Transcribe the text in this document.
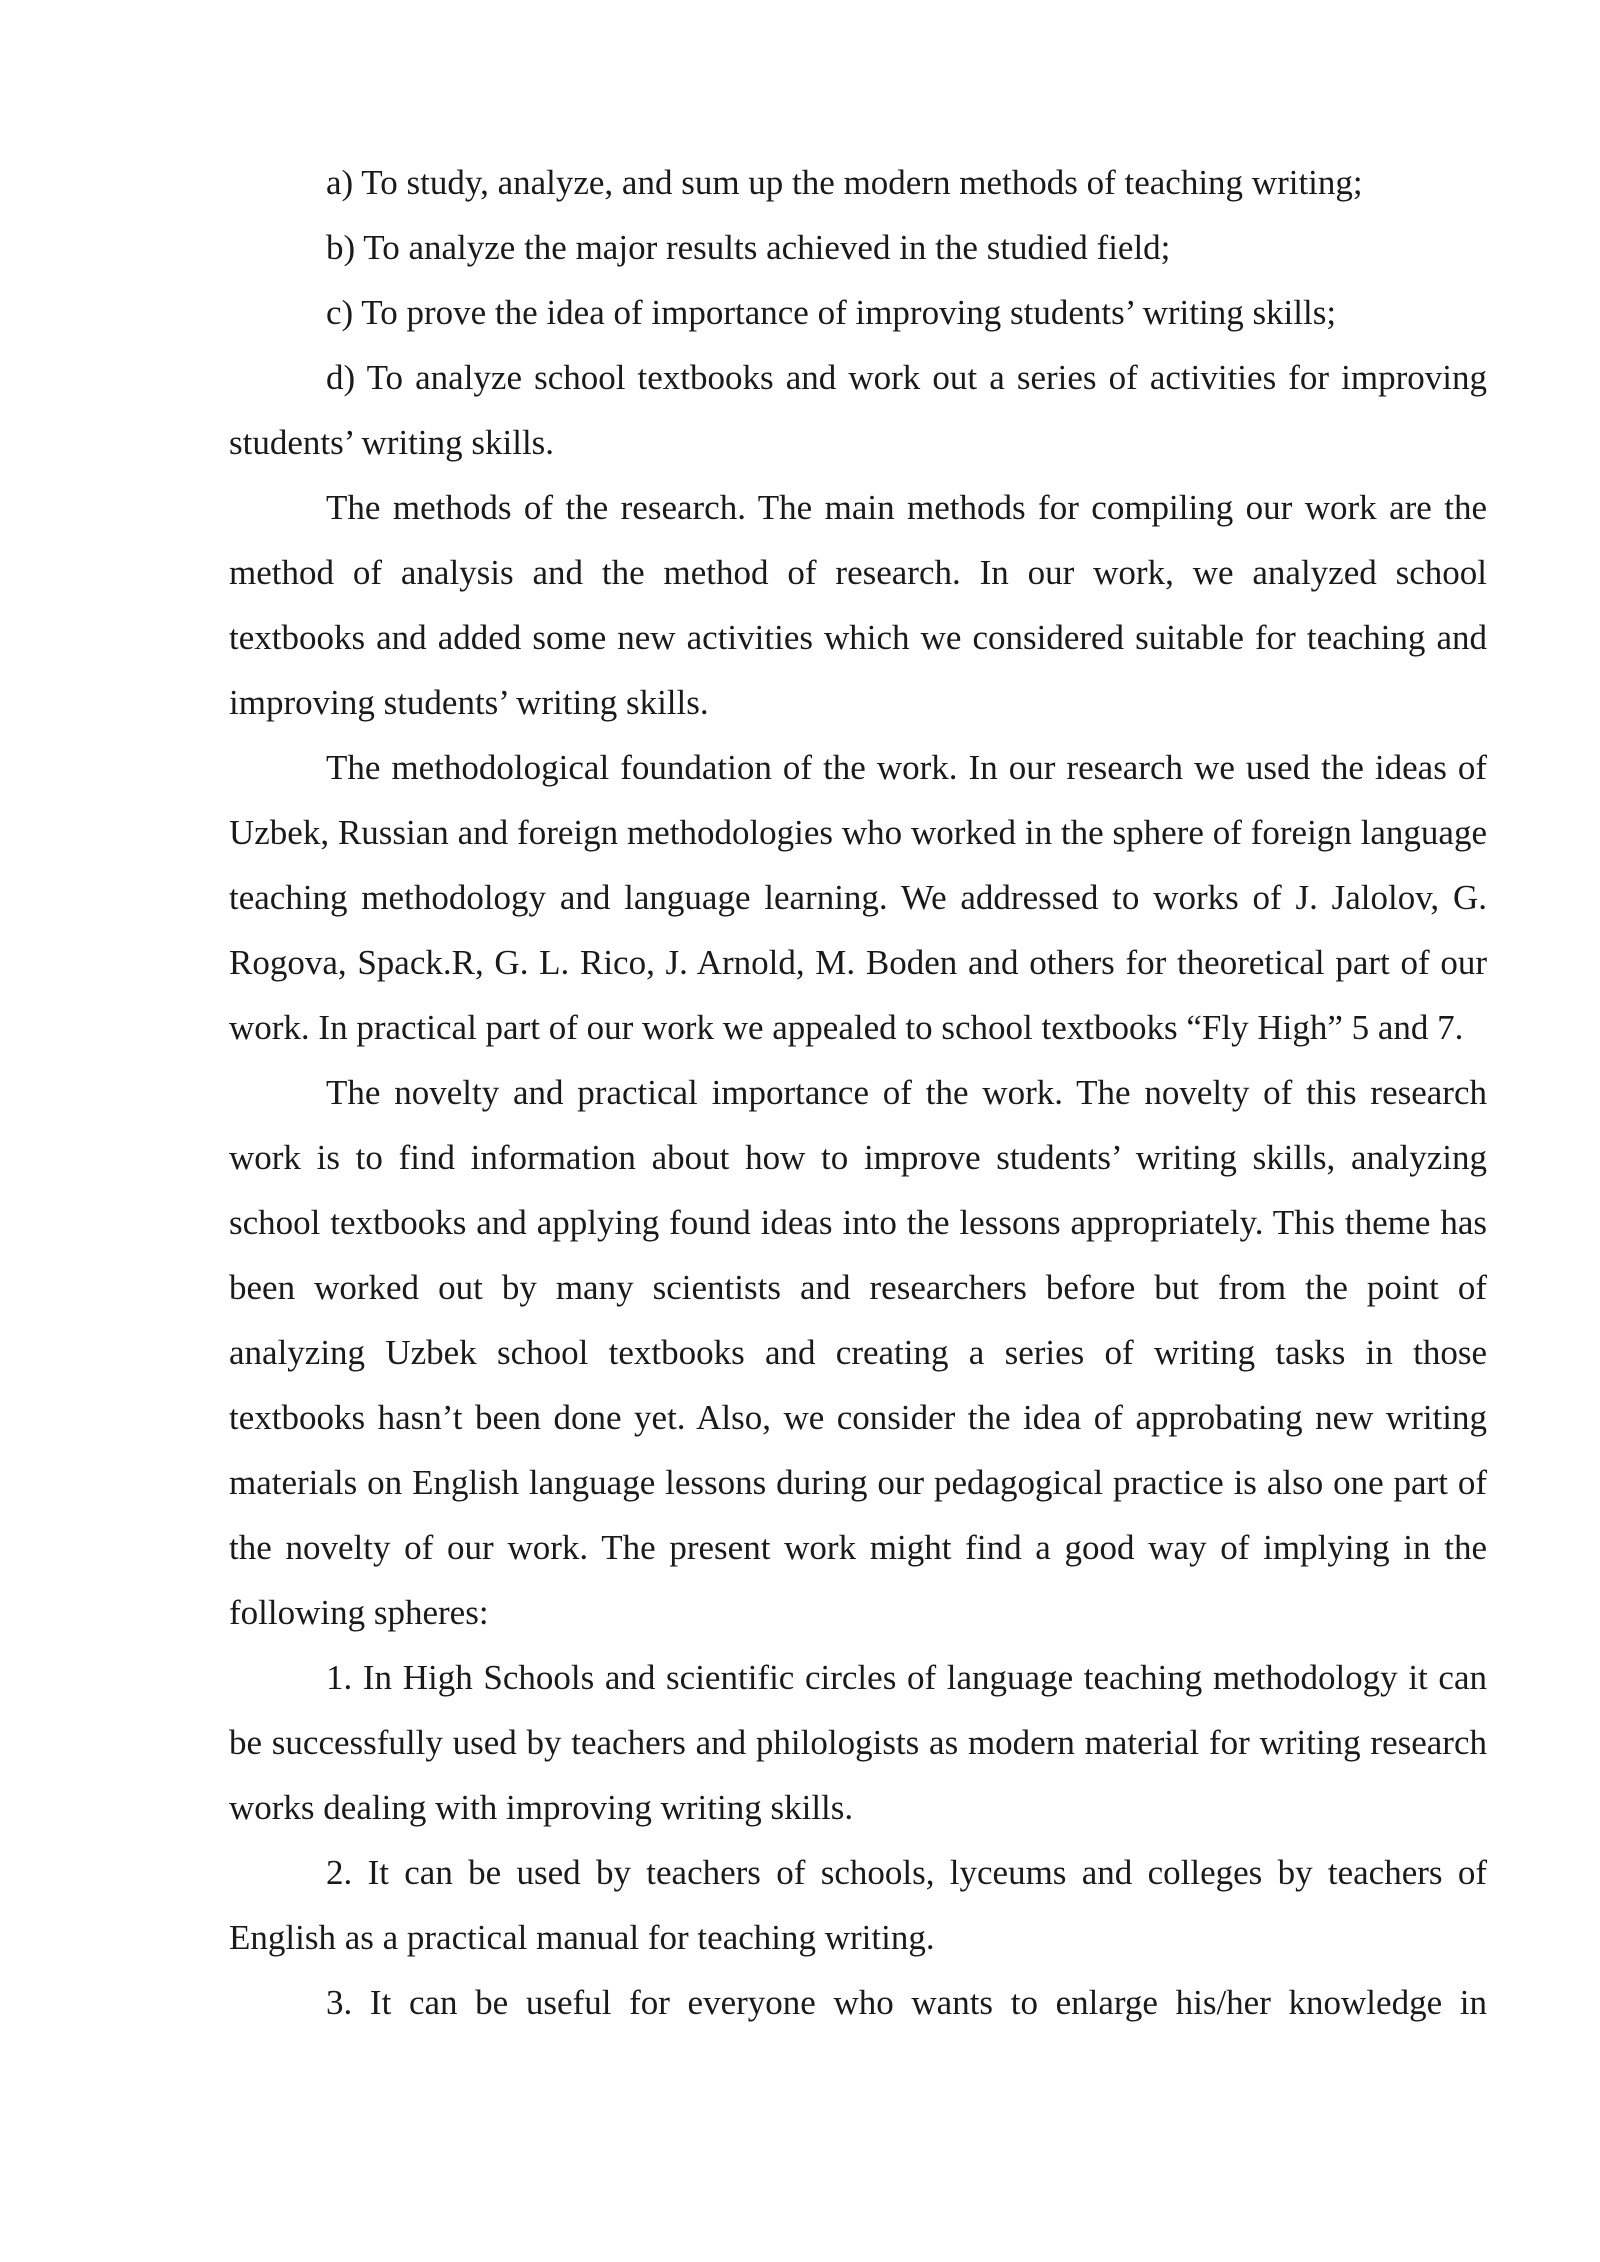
a) To study, analyze, and sum up the modern methods of teaching writing;

b) To analyze the major results achieved in the studied field;

c) To prove the idea of importance of improving students’ writing skills;

d) To analyze school textbooks and work out a series of activities for improving students’ writing skills.

The methods of the research. The main methods for compiling our work are the method of analysis and the method of research. In our work, we analyzed school textbooks and added some new activities which we considered suitable for teaching and improving students’ writing skills.

The methodological foundation of the work. In our research we used the ideas of Uzbek, Russian and foreign methodologies who worked in the sphere of foreign language teaching methodology and language learning. We addressed to works of J. Jalolov, G. Rogova, Spack.R, G. L. Rico, J. Arnold, M. Boden and others for theoretical part of our work. In practical part of our work we appealed to school textbooks “Fly High” 5 and 7.

The novelty and practical importance of the work. The novelty of this research work is to find information about how to improve students’ writing skills, analyzing school textbooks and applying found ideas into the lessons appropriately. This theme has been worked out by many scientists and researchers before but from the point of analyzing Uzbek school textbooks and creating a series of writing tasks in those textbooks hasn’t been done yet. Also, we consider the idea of approbating new writing materials on English language lessons during our pedagogical practice is also one part of the novelty of our work. The present work might find a good way of implying in the following spheres:

1. In High Schools and scientific circles of language teaching methodology it can be successfully used by teachers and philologists as modern material for writing research works dealing with improving writing skills.

2. It can be used by teachers of schools, lyceums and colleges by teachers of English as a practical manual for teaching writing.

3. It can be useful for everyone who wants to enlarge his/her knowledge in
